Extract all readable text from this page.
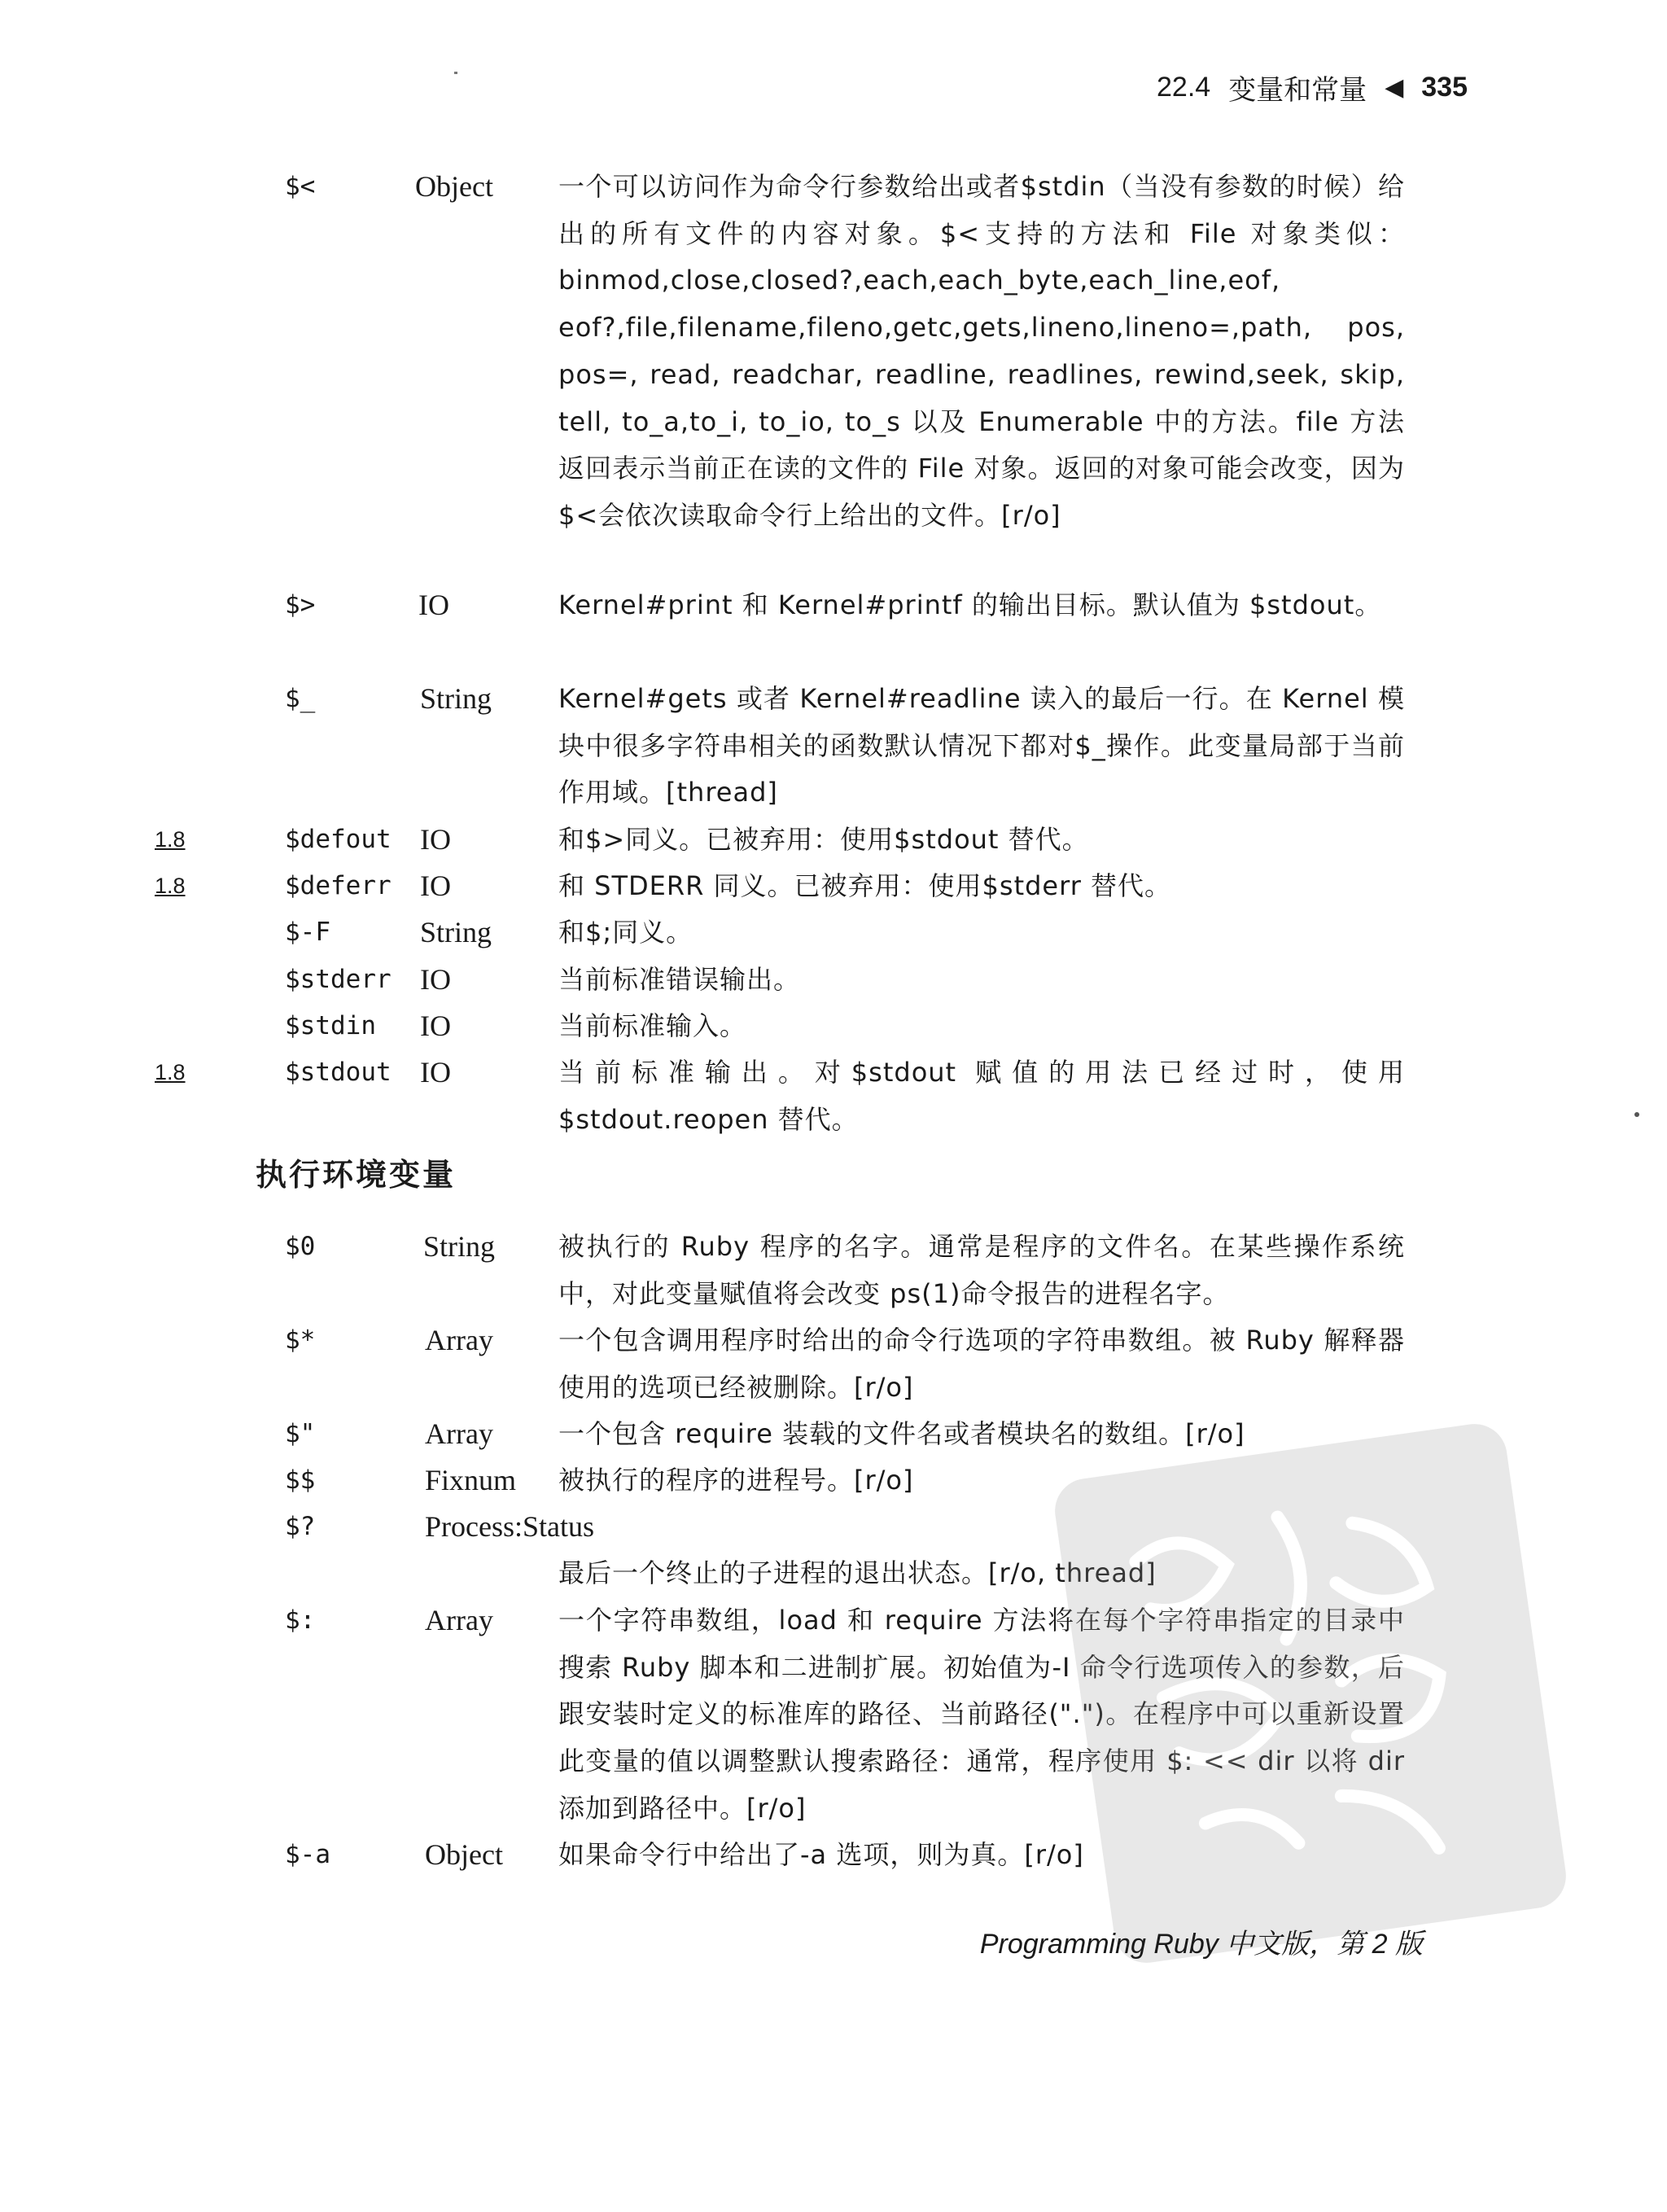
22.4 变量和常量 ◀ 335
$<	Object	一个可以访问作为命令行参数给出或者$stdin（当没有参数的时候）给出的所有文件的内容对象。$<支持的方法和 File 对象类似：binmod,close,closed?,each,each_byte,each_line,eof, eof?,file,filename,fileno,getc,gets,lineno,lineno=,path, pos, pos=, read, readchar, readline, readlines, rewind,seek, skip, tell, to_a,to_i, to_io, to_s 以及 Enumerable 中的方法。file 方法返回表示当前正在读的文件的 File 对象。返回的对象可能会改变，因为$<会依次读取命令行上给出的文件。[r/o]
$>	IO	Kernel#print 和 Kernel#printf 的输出目标。默认值为 $stdout。
$_	String	Kernel#gets 或者 Kernel#readline 读入的最后一行。在 Kernel 模块中很多字符串相关的函数默认情况下都对$_操作。此变量局部于当前作用域。[thread]
1.8	$defout IO	和$>同义。已被弃用：使用$stdout 替代。
1.8	$deferr IO	和 STDERR 同义。已被弃用：使用$stderr 替代。
$-F	String	和$;同义。
$stderr IO	当前标准错误输出。
$stdin	IO	当前标准输入。
1.8	$stdout IO	当前标准输出。对$stdout 赋值的用法已经过时，使用 $stdout.reopen 替代。
执行环境变量
$0	String 被执行的 Ruby 程序的名字。通常是程序的文件名。在某些操作系统中，对此变量赋值将会改变 ps(1)命令报告的进程名字。
$*	Array	一个包含调用程序时给出的命令行选项的字符串数组。被 Ruby 解释器使用的选项已经被删除。[r/o]
$"	Array	一个包含 require 装载的文件名或者模块名的数组。[r/o]
$$	Fixnum 被执行的程序的进程号。[r/o]
$?	Process:Status
最后一个终止的子进程的退出状态。[r/o, thread]
$:	Array	一个字符串数组，load 和 require 方法将在每个字符串指定的目录中搜索 Ruby 脚本和二进制扩展。初始值为-I 命令行选项传入的参数，后跟安装时定义的标准库的路径、当前路径(".")。在程序中可以重新设置此变量的值以调整默认搜索路径：通常，程序使用 $: << dir 以将 dir 添加到路径中。[r/o]
$-a	Object 如果命令行中给出了-a 选项，则为真。[r/o]
Programming Ruby 中文版，第 2 版
